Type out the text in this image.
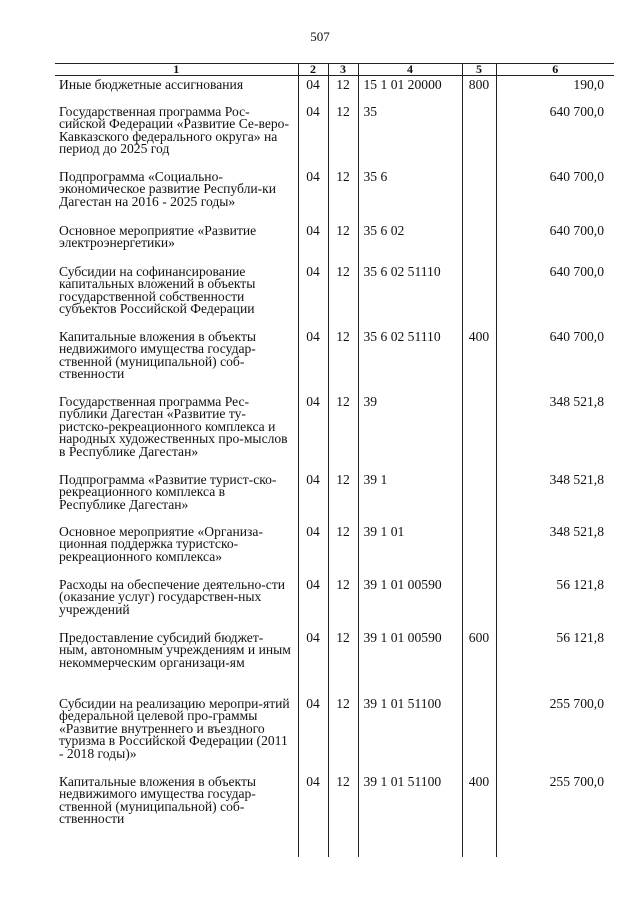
507
1	2	3	4	5	6
Иные бюджетные ассигнования	04	12	15 1 01 20000	800	190,0
Государственная программа Рос-сийской Федерации «Развитие Се-веро-Кавказского федерального округа» на период до 2025 год	04	12	35		640 700,0
Подпрограмма «Социально-экономическое развитие Республи-ки Дагестан на 2016 - 2025 годы»	04	12	35 6		640 700,0
Основное мероприятие «Развитие электроэнергетики»	04	12	35 6 02		640 700,0
Субсидии на софинансирование капитальных вложений в объекты государственной собственности субъектов Российской Федерации	04	12	35 6 02 51110		640 700,0
Капитальные вложения в объекты недвижимого имущества государ-ственной (муниципальной) соб-ственности	04	12	35 6 02 51110	400	640 700,0
Государственная программа Рес-публики Дагестан «Развитие ту-ристско-рекреационного комплекса и народных художественных про-мыслов в Республике Дагестан»	04	12	39		348 521,8
Подпрограмма «Развитие турист-ско-рекреационного комплекса в Республике Дагестан»	04	12	39 1		348 521,8
Основное мероприятие «Организа-ционная поддержка туристско-рекреационного комплекса»	04	12	39 1 01		348 521,8
Расходы на обеспечение деятельно-сти (оказание услуг) государствен-ных учреждений	04	12	39 1 01 00590		56 121,8
Предоставление субсидий бюджет-ным, автономным учреждениям и иным некоммерческим организаци-ям	04	12	39 1 01 00590	600	56 121,8
Субсидии на реализацию меропри-ятий федеральной целевой про-граммы «Развитие внутреннего и въездного туризма в Российской Федерации (2011 - 2018 годы)»	04	12	39 1 01 51100		255 700,0
Капитальные вложения в объекты недвижимого имущества государ-ственной (муниципальной) соб-ственности	04	12	39 1 01 51100	400	255 700,0
